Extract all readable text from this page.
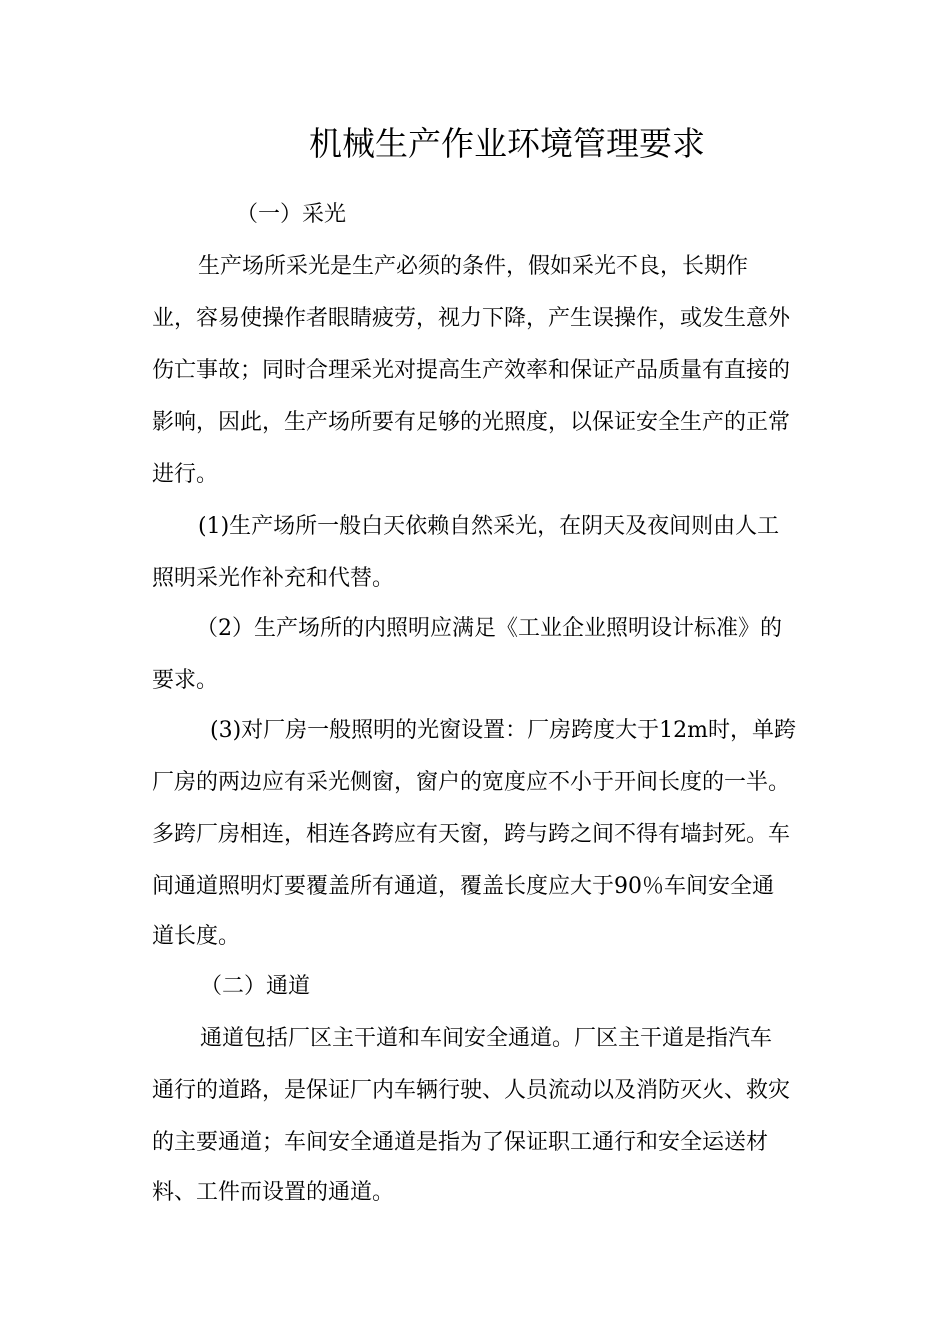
机械生产作业环境管理要求
（一）采光
生产场所采光是生产必须的条件，假如采光不良，长期作
业，容易使操作者眼睛疲劳，视力下降，产生误操作，或发生意外
伤亡事故；同时合理采光对提高生产效率和保证产品质量有直接的
影响，因此，生产场所要有足够的光照度，以保证安全生产的正常
进行。
(1)生产场所一般白天依赖自然采光，在阴天及夜间则由人工
照明采光作补充和代替。
（2）生产场所的内照明应满足《工业企业照明设计标准》的
要求。
(3)对厂房一般照明的光窗设置：厂房跨度大于12m时，单跨
厂房的两边应有采光侧窗，窗户的宽度应不小于开间长度的一半。
多跨厂房相连，相连各跨应有天窗，跨与跨之间不得有墙封死。车
间通道照明灯要覆盖所有通道，覆盖长度应大于90％车间安全通
道长度。
（二）通道
通道包括厂区主干道和车间安全通道。厂区主干道是指汽车
通行的道路，是保证厂内车辆行驶、人员流动以及消防灭火、救灾
的主要通道；车间安全通道是指为了保证职工通行和安全运送材
料、工件而设置的通道。
